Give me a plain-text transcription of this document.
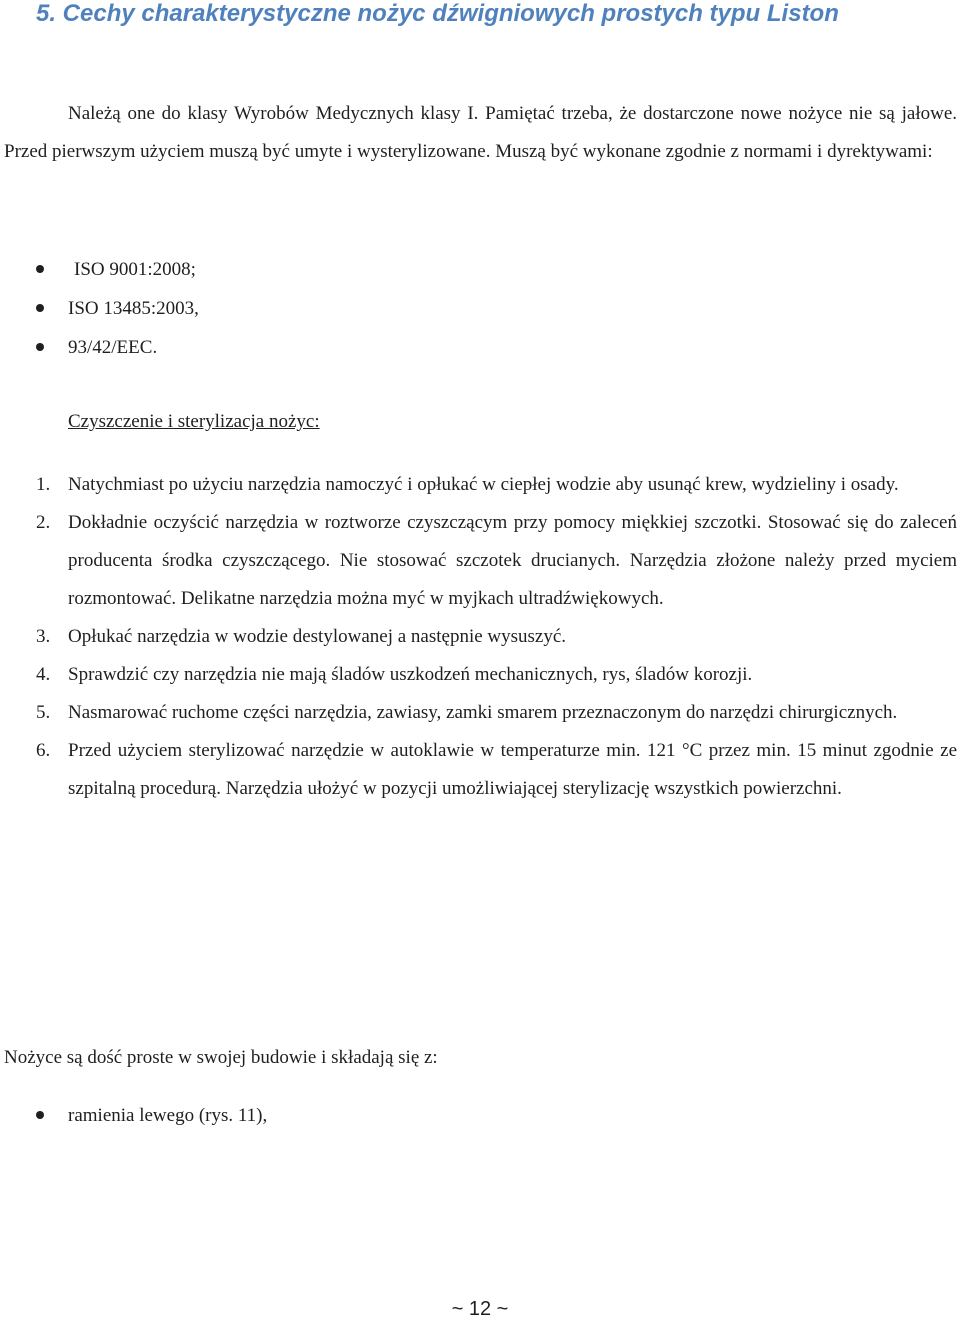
5. Cechy charakterystyczne nożyc dźwigniowych prostych typu Liston

Należą one do klasy Wyrobów Medycznych klasy I. Pamiętać trzeba, że dostarczone nowe nożyce nie są jałowe. Przed pierwszym użyciem muszą być umyte i wysterylizowane. Muszą być wykonane zgodnie z normami i dyrektywami:

ISO 9001:2008;
ISO 13485:2003,
93/42/EEC.
Czyszczenie i sterylizacja nożyc:
1. Natychmiast po użyciu narzędzia namoczyć i opłukać w ciepłej wodzie aby usunąć krew, wydzieliny i osady.
2. Dokładnie oczyścić narzędzia w roztworze czyszczącym przy pomocy miękkiej szczotki. Stosować się do zaleceń producenta środka czyszczącego. Nie stosować szczotek drucianych. Narzędzia złożone należy przed myciem rozmontować. Delikatne narzędzia można myć w myjkach ultradźwiękowych.
3. Opłukać narzędzia w wodzie destylowanej a następnie wysuszyć.
4. Sprawdzić czy narzędzia nie mają śladów uszkodzeń mechanicznych, rys, śladów korozji.
5. Nasmarować ruchome części narzędzia, zawiasy, zamki smarem przeznaczonym do narzędzi chirurgicznych.
6. Przed użyciem sterylizować narzędzie w autoklawie w temperaturze min. 121 °C przez min. 15 minut zgodnie ze szpitalną procedurą. Narzędzia ułożyć w pozycji umożliwiającej sterylizację wszystkich powierzchni.

Nożyce są dość proste w swojej budowie i składają się z:

ramienia lewego (rys. 11),
~ 12 ~
